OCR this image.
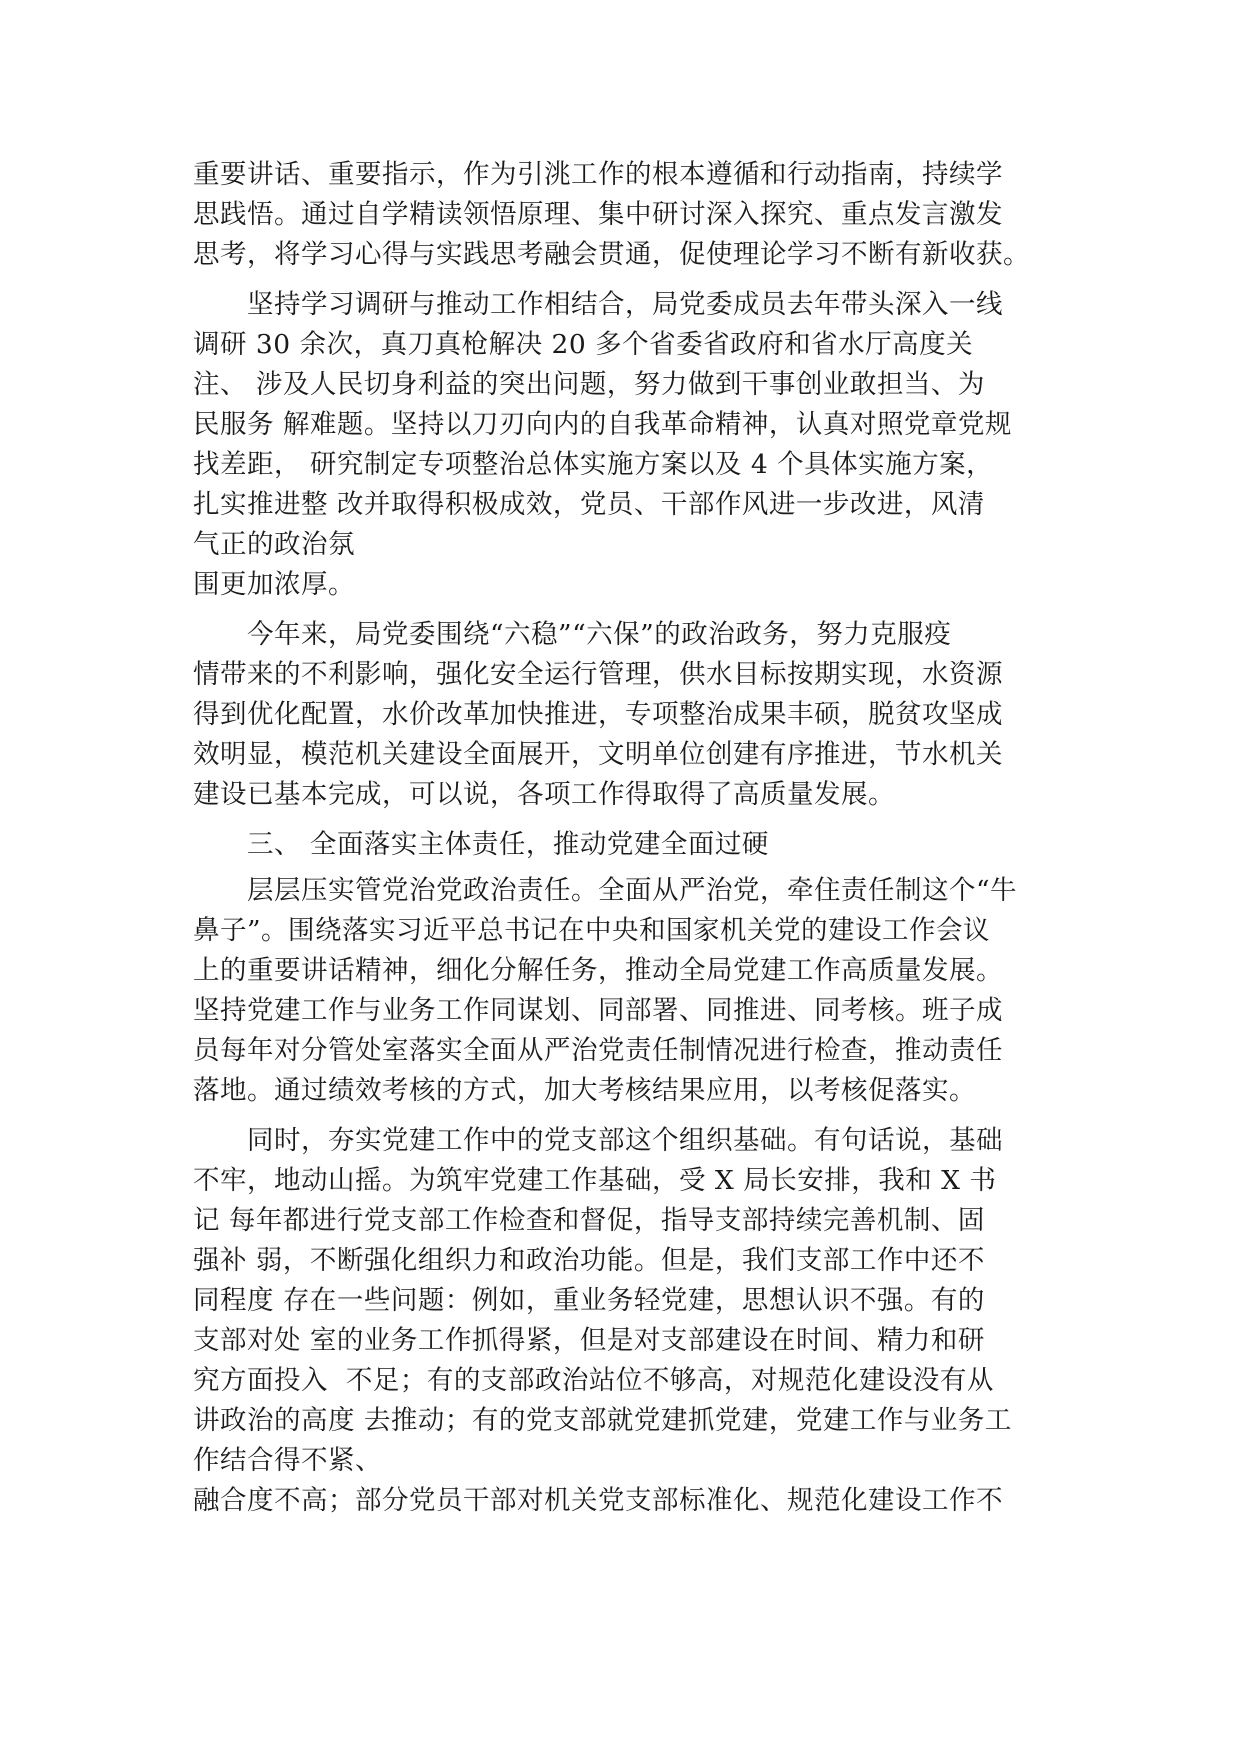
重要讲话、重要指示，作为引洮工作的根本遵循和行动指南，持续学
思践悟。通过自学精读领悟原理、集中研讨深入探究、重点发言激发
思考，将学习心得与实践思考融会贯通，促使理论学习不断有新收获。
　　坚持学习调研与推动工作相结合，局党委成员去年带头深入一线
调研 30 余次，真刀真枪解决 20 多个省委省政府和省水厅高度关
注、 涉及人民切身利益的突出问题，努力做到干事创业敢担当、为
民服务 解难题。坚持以刀刃向内的自我革命精神，认真对照党章党规
找差距， 研究制定专项整治总体实施方案以及 4 个具体实施方案，
扎实推进整 改并取得积极成效，党员、干部作风进一步改进，风清
气正的政治氛
围更加浓厚。
　　今年来，局党委围绕“六稳”“六保”的政治政务，努力克服疫
情带来的不利影响，强化安全运行管理，供水目标按期实现，水资源
得到优化配置，水价改革加快推进，专项整治成果丰硕，脱贫攻坚成
效明显，模范机关建设全面展开，文明单位创建有序推进，节水机关
建设已基本完成，可以说，各项工作得取得了高质量发展。
　　三、 全面落实主体责任，推动党建全面过硬
　　层层压实管党治党政治责任。全面从严治党，牵住责任制这个“牛
鼻子”。围绕落实习近平总书记在中央和国家机关党的建设工作会议
上的重要讲话精神，细化分解任务，推动全局党建工作高质量发展。
坚持党建工作与业务工作同谋划、同部署、同推进、同考核。班子成
员每年对分管处室落实全面从严治党责任制情况进行检查，推动责任
落地。通过绩效考核的方式，加大考核结果应用，以考核促落实。
　　同时，夯实党建工作中的党支部这个组织基础。有句话说，基础
不牢，地动山摇。为筑牢党建工作基础，受 X 局长安排，我和 X 书
记 每年都进行党支部工作检查和督促，指导支部持续完善机制、固
强补 弱，不断强化组织力和政治功能。但是，我们支部工作中还不
同程度 存在一些问题：例如，重业务轻党建，思想认识不强。有的
支部对处 室的业务工作抓得紧，但是对支部建设在时间、精力和研
究方面投入  不足；有的支部政治站位不够高，对规范化建设没有从
讲政治的高度 去推动；有的党支部就党建抓党建，党建工作与业务工
作结合得不紧、
融合度不高；部分党员干部对机关党支部标准化、规范化建设工作不
